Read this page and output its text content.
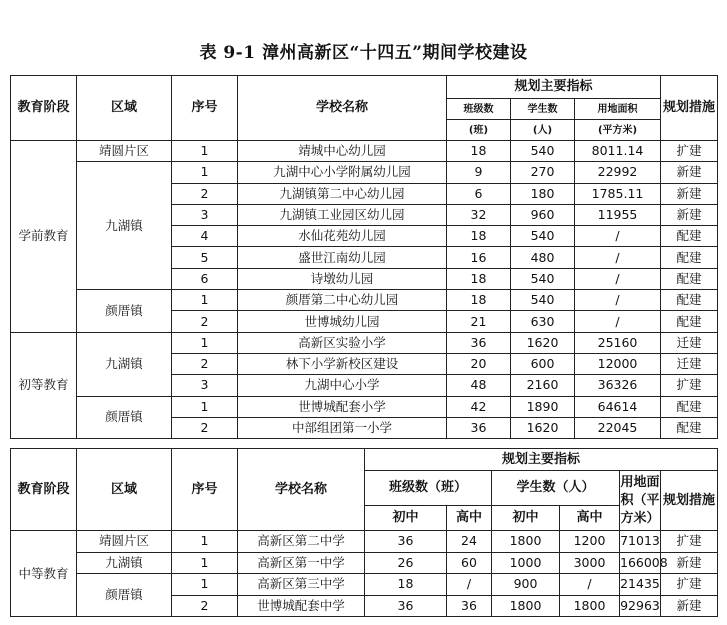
表 9-1 漳州高新区“十四五”期间学校建设
教育阶段	区域	序号	学校名称	规划主要指标			规划措施
				班级数	学生数	用地面积	
				(班)	(人)	(平方米)	
学前教育	靖圆片区	1	靖城中心幼儿园	18	540	8011.14	扩建
	九湖镇	1	九湖中心小学附属幼儿园	9	270	22992	新建
		2	九湖镇第二中心幼儿园	6	180	1785.11	新建
		3	九湖镇工业园区幼儿园	32	960	11955	新建
		4	水仙花苑幼儿园	18	540	/	配建
		5	盛世江南幼儿园	16	480	/	配建
		6	诗墩幼儿园	18	540	/	配建
	颜厝镇	1	颜厝第二中心幼儿园	18	540	/	配建
		2	世博城幼儿园	21	630	/	配建
初等教育	九湖镇	1	高新区实验小学	36	1620	25160	迁建
		2	林下小学新校区建设	20	600	12000	迁建
		3	九湖中心小学	48	2160	36326	扩建
	颜厝镇	1	世博城配套小学	42	1890	64614	配建
		2	中部组团第一小学	36	1620	22045	配建
教育阶段	区域	序号	学校名称	规划主要指标					
				班级数（班）		学生数（人）		用地面积（平方米）	规划措施
				初中	高中	初中	高中		
中等教育	靖圆片区	1	高新区第二中学	36	24	1800	1200	71013	扩建
	九湖镇	1	高新区第一中学	26	60	1000	3000	166008	新建
	颜厝镇	1	高新区第三中学	18	/	900	/	21435	扩建
		2	世博城配套中学	36	36	1800	1800	92963	新建
